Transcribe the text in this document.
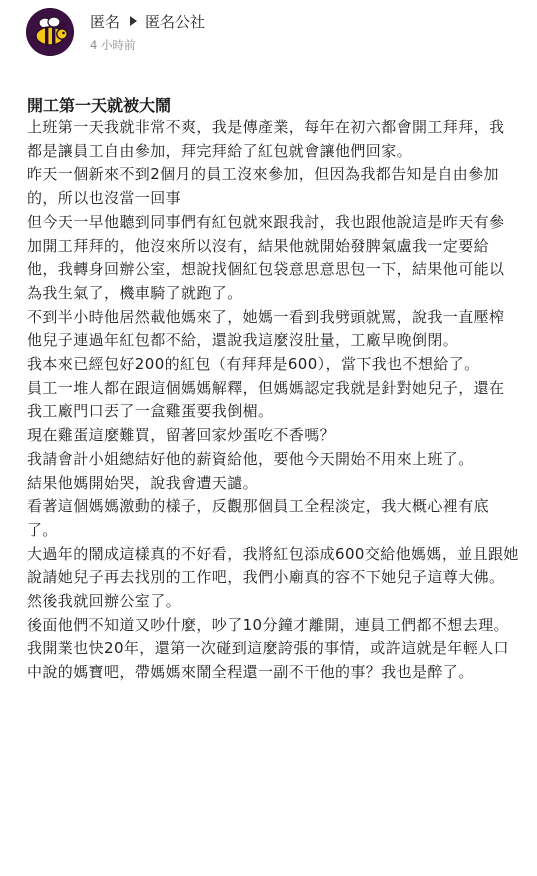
匿名 匿名公社
4 小時前
開工第一天就被大鬧

上班第一天我就非常不爽，我是傳產業，每年在初六都會開工拜拜，我都是讓員工自由參加，拜完拜給了紅包就會讓他們回家。

昨天一個新來不到2個月的員工沒來參加，但因為我都告知是自由參加的，所以也沒當一回事

但今天一早他聽到同事們有紅包就來跟我討，我也跟他說這是昨天有參加開工拜拜的，他沒來所以沒有，結果他就開始發脾氣盧我一定要給他，我轉身回辦公室，想說找個紅包袋意思意思包一下，結果他可能以為我生氣了，機車騎了就跑了。

不到半小時他居然載他媽來了，她媽一看到我劈頭就罵，說我一直壓榨他兒子連過年紅包都不給，還說我這麼沒肚量，工廠早晚倒閉。

我本來已經包好200的紅包（有拜拜是600），當下我也不想給了。

員工一堆人都在跟這個媽媽解釋，但媽媽認定我就是針對她兒子，還在我工廠門口丟了一盒雞蛋要我倒楣。

現在雞蛋這麼難買，留著回家炒蛋吃不香嗎？

我請會計小姐總結好他的薪資給他，要他今天開始不用來上班了。

結果他媽開始哭，說我會遭天譴。

看著這個媽媽激動的樣子，反觀那個員工全程淡定，我大概心裡有底了。

大過年的鬧成這樣真的不好看，我將紅包添成600交給他媽媽，並且跟她說請她兒子再去找別的工作吧，我們小廟真的容不下她兒子這尊大佛。然後我就回辦公室了。

後面他們不知道又吵什麼，吵了10分鐘才離開，連員工們都不想去理。

我開業也快20年，還第一次碰到這麼誇張的事情，或許這就是年輕人口中說的媽寶吧，帶媽媽來鬧全程還一副不干他的事？我也是醉了。
